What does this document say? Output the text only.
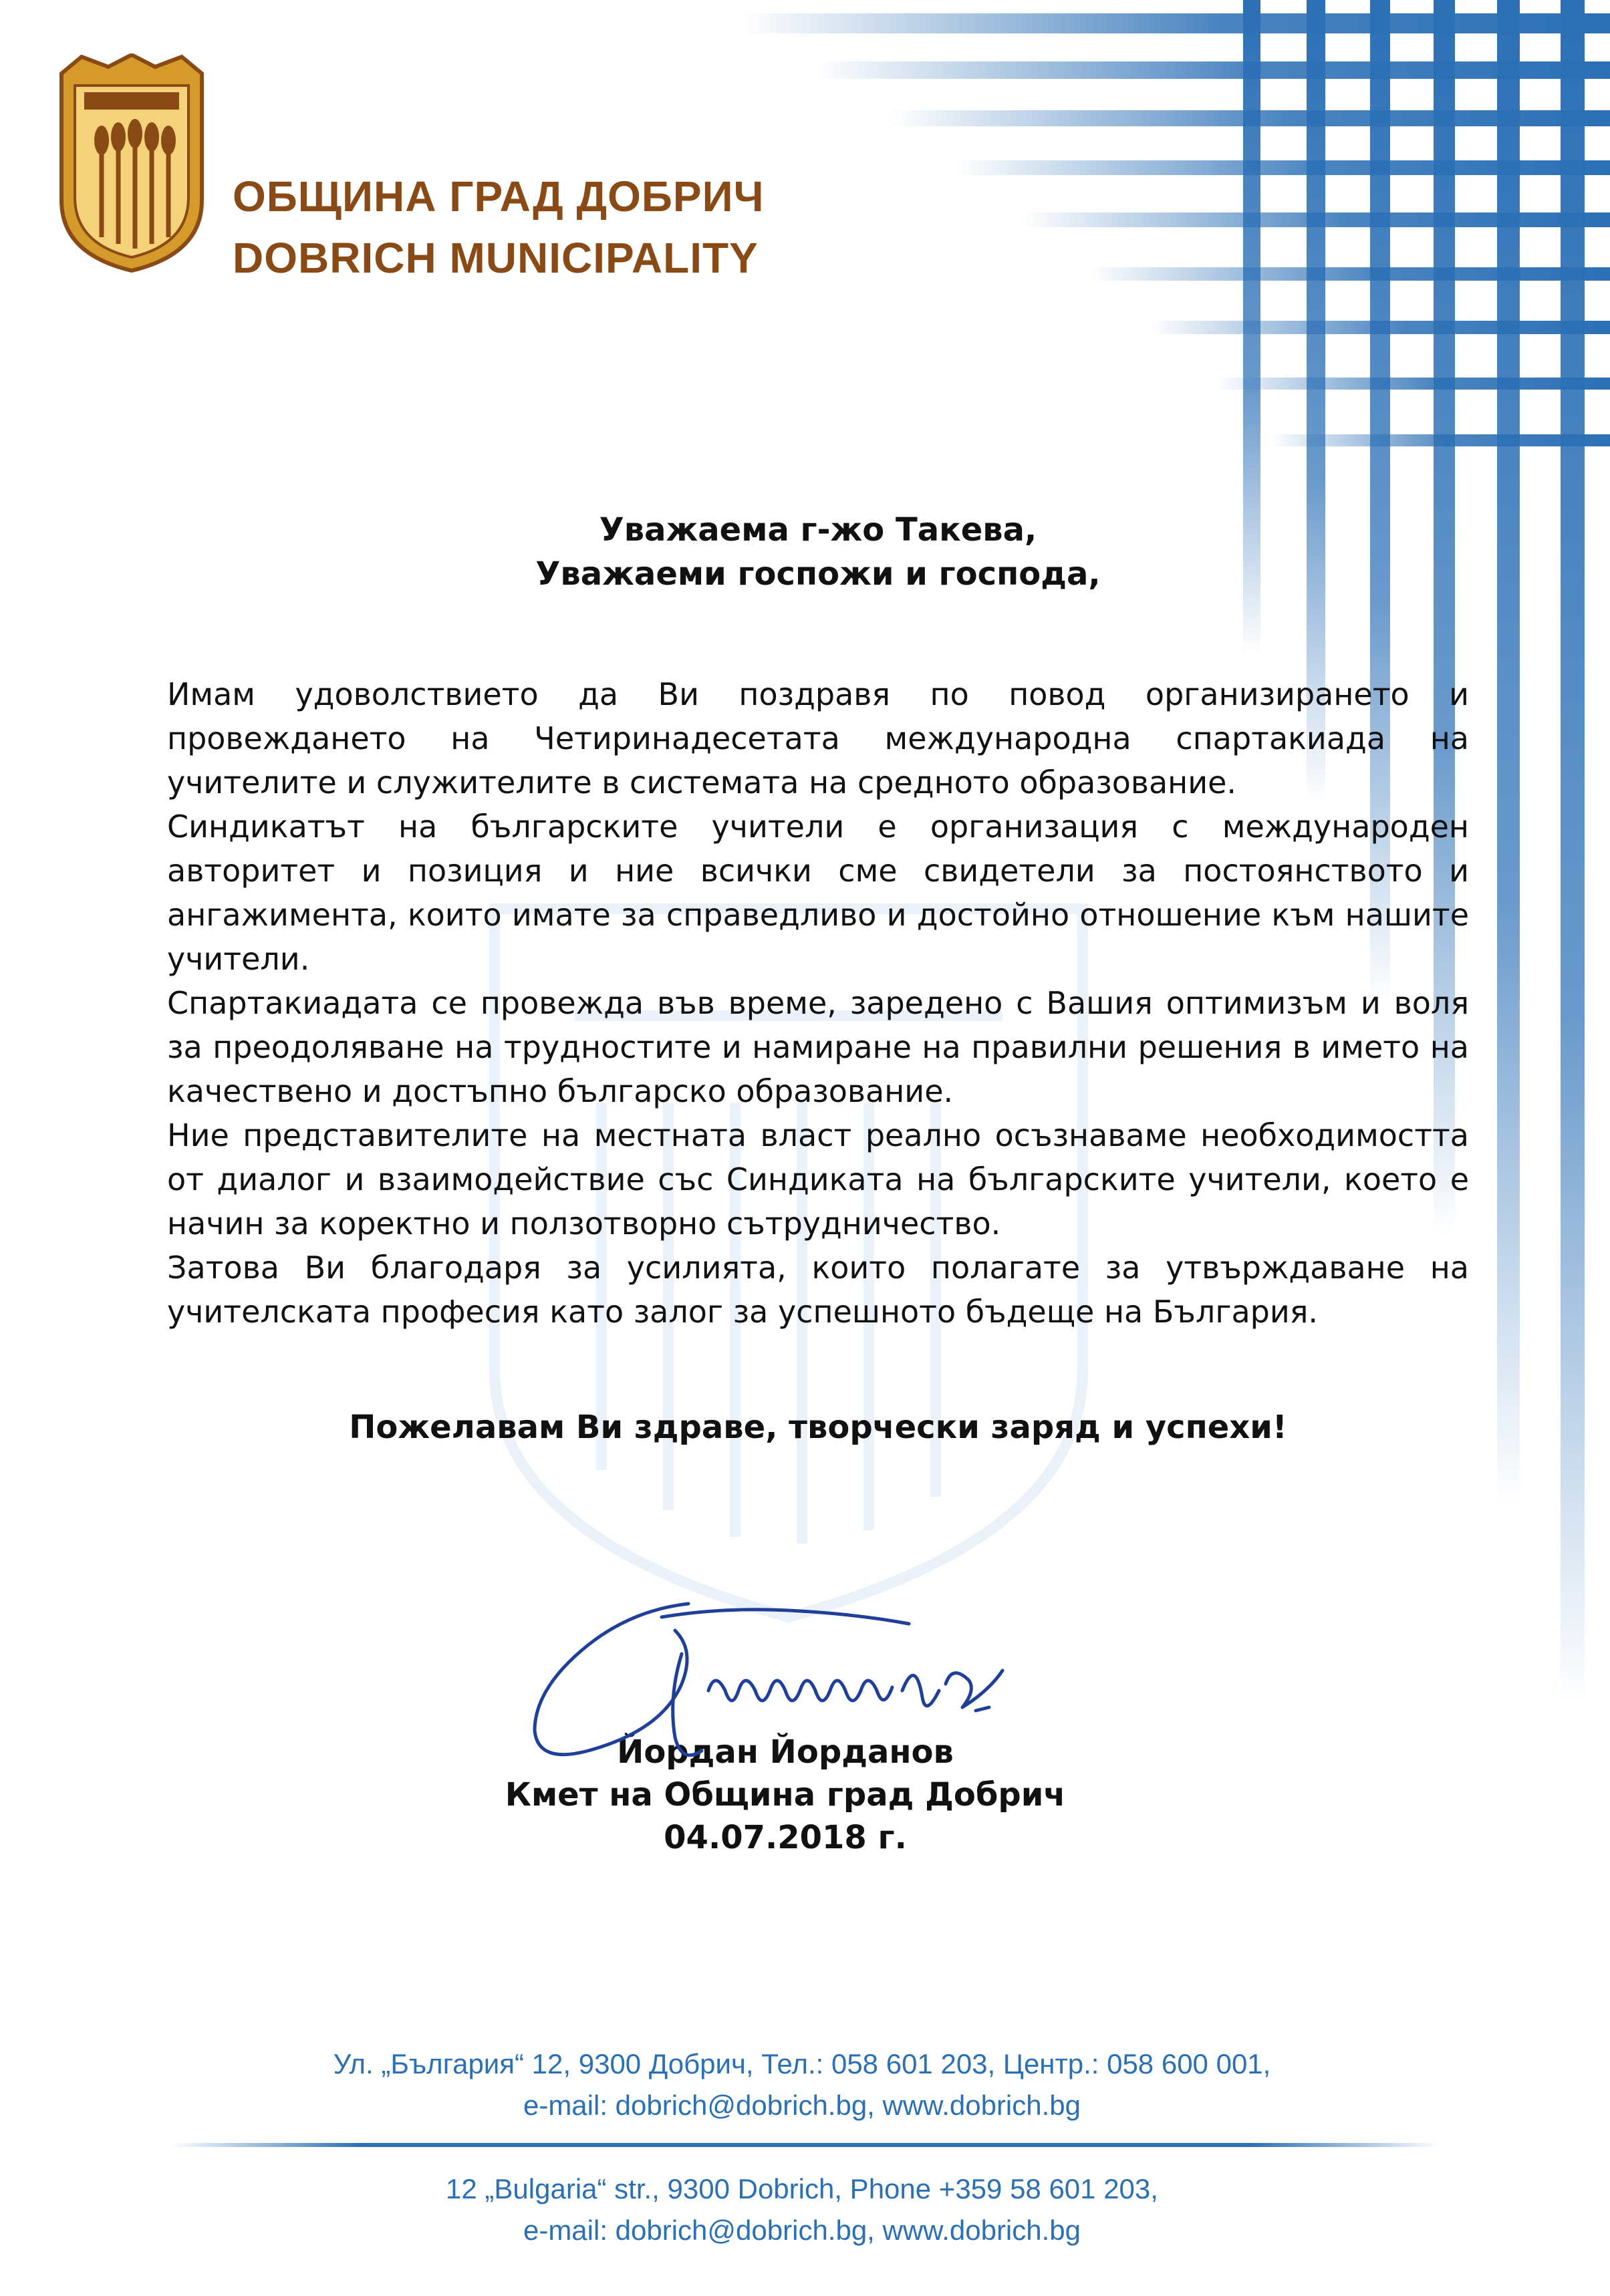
ОБЩИНА ГРАД ДОБРИЧ
DOBRICH MUNICIPALITY
Уважаема г-жо Такева,
Уважаеми госпожи и господа,

Имам удоволствието да Ви поздравя по повод организирането и провеждането на Четиринадесетата международна спартакиада на учителите и служителите в системата на средното образование.

Синдикатът на българските учители е организация с международен авторитет и позиция и ние всички сме свидетели за постоянството и ангажимента, които имате за справедливо и достойно отношение към нашите учители.

Спартакиадата се провежда във време, заредено с Вашия оптимизъм и воля за преодоляване на трудностите и намиране на правилни решения в името на качествено и достъпно българско образование.

Ние представителите на местната власт реално осъзнаваме необходимостта от диалог и взаимодействие със Синдиката на българските учители, което е начин за коректно и ползотворно сътрудничество.

Затова Ви благодаря за усилията, които полагате за утвърждаване на учителската професия като залог за успешното бъдеще на България.

Пожелавам Ви здраве, творчески заряд и успехи!
Йордан Йорданов
Кмет на Община град Добрич
04.07.2018 г.
Ул. „България“ 12, 9300 Добрич, Тел.: 058 601 203, Центр.: 058 600 001,
e-mail: dobrich@dobrich.bg, www.dobrich.bg
12 „Bulgaria“ str., 9300 Dobrich, Phone +359 58 601 203,
e-mail: dobrich@dobrich.bg, www.dobrich.bg
